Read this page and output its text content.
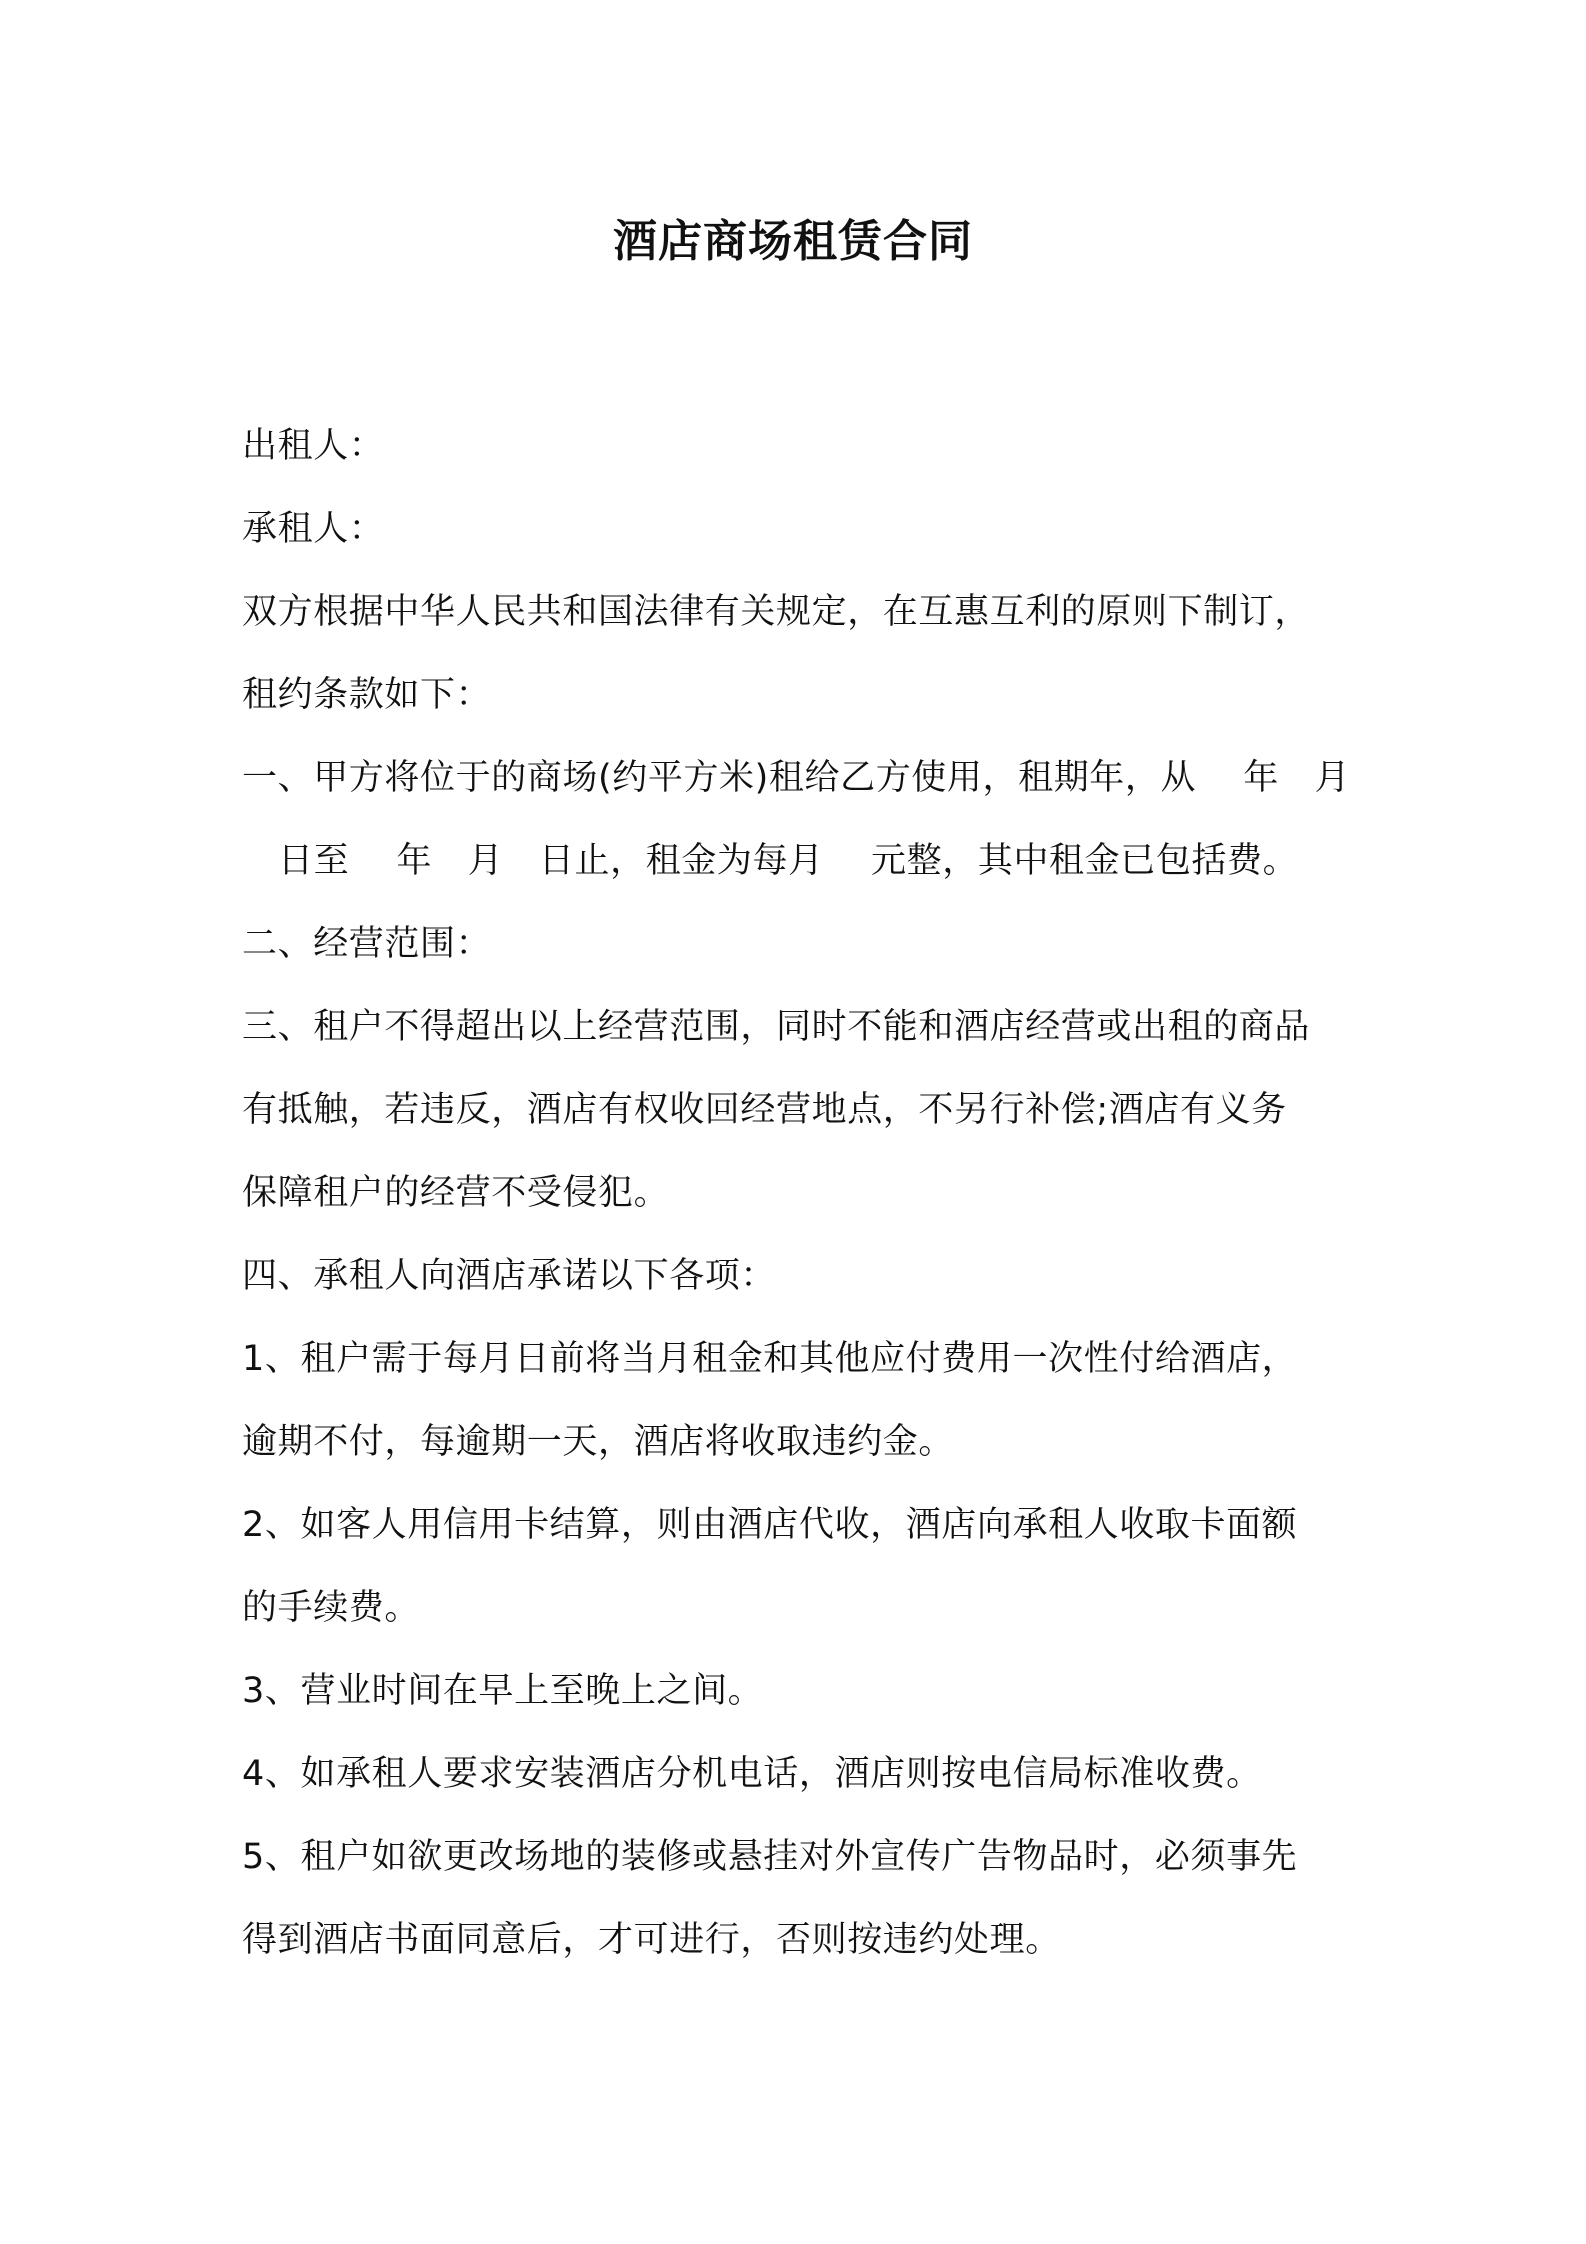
酒店商场租赁合同
出租人：
承租人：
双方根据中华人民共和国法律有关规定，在互惠互利的原则下制订，
租约条款如下：
一、甲方将位于的商场(约平方米)租给乙方使用，租期年，从　 年　月
日至　 年　月　日止，租金为每月　 元整，其中租金已包括费。
二、经营范围：
三、租户不得超出以上经营范围，同时不能和酒店经营或出租的商品
有抵触，若违反，酒店有权收回经营地点，不另行补偿;酒店有义务
保障租户的经营不受侵犯。
四、承租人向酒店承诺以下各项：
1、租户需于每月日前将当月租金和其他应付费用一次性付给酒店，
逾期不付，每逾期一天，酒店将收取违约金。
2、如客人用信用卡结算，则由酒店代收，酒店向承租人收取卡面额
的手续费。
3、营业时间在早上至晚上之间。
4、如承租人要求安装酒店分机电话，酒店则按电信局标准收费。
5、租户如欲更改场地的装修或悬挂对外宣传广告物品时，必须事先
得到酒店书面同意后，才可进行，否则按违约处理。
